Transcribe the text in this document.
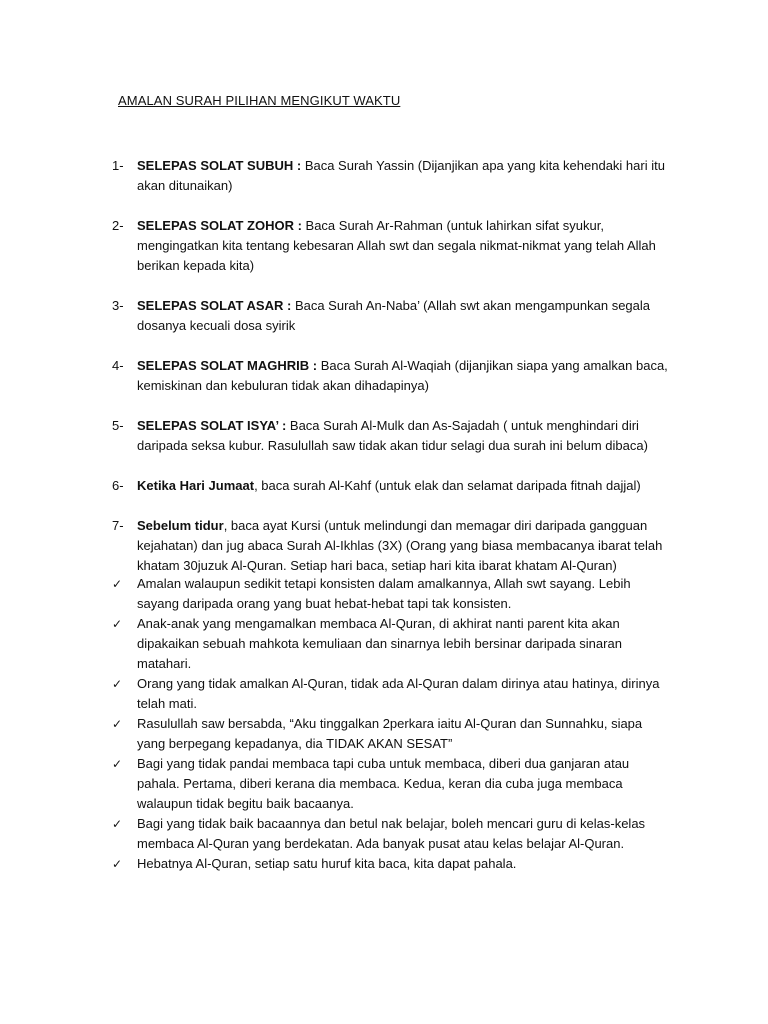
AMALAN SURAH PILIHAN MENGIKUT WAKTU
1- SELEPAS SOLAT SUBUH : Baca Surah Yassin (Dijanjikan apa yang kita kehendaki hari itu akan ditunaikan)
2- SELEPAS SOLAT ZOHOR : Baca Surah Ar-Rahman (untuk lahirkan sifat syukur, mengingatkan kita tentang kebesaran Allah swt dan segala nikmat-nikmat yang telah Allah berikan kepada kita)
3- SELEPAS SOLAT ASAR : Baca Surah An-Naba’ (Allah swt akan mengampunkan segala dosanya kecuali dosa syirik
4- SELEPAS SOLAT MAGHRIB : Baca Surah Al-Waqiah (dijanjikan siapa yang amalkan baca, kemiskinan dan kebuluran tidak akan dihadapinya)
5- SELEPAS SOLAT ISYA’ : Baca Surah Al-Mulk dan As-Sajadah ( untuk menghindari diri daripada seksa kubur. Rasulullah saw tidak akan tidur selagi dua surah ini belum dibaca)
6- Ketika Hari Jumaat, baca surah Al-Kahf (untuk elak dan selamat daripada fitnah dajjal)
7- Sebelum tidur, baca ayat Kursi (untuk melindungi dan memagar diri daripada gangguan kejahatan) dan jug abaca Surah Al-Ikhlas (3X) (Orang yang biasa membacanya ibarat telah khatam 30juzuk Al-Quran. Setiap hari baca, setiap hari kita ibarat khatam Al-Quran)
✓ Amalan walaupun sedikit tetapi konsisten dalam amalkannya, Allah swt sayang. Lebih sayang daripada orang yang buat hebat-hebat tapi tak konsisten.
✓ Anak-anak yang mengamalkan membaca Al-Quran, di akhirat nanti parent kita akan dipakaikan sebuah mahkota kemuliaan dan sinarnya lebih bersinar daripada sinaran matahari.
✓ Orang yang tidak amalkan Al-Quran, tidak ada Al-Quran dalam dirinya atau hatinya, dirinya telah mati.
✓ Rasulullah saw bersabda, “Aku tinggalkan 2perkara iaitu Al-Quran dan Sunnahku, siapa yang berpegang kepadanya, dia TIDAK AKAN SESAT”
✓ Bagi yang tidak pandai membaca tapi cuba untuk membaca, diberi dua ganjaran atau pahala. Pertama, diberi kerana dia membaca. Kedua, keran dia cuba juga membaca walaupun tidak begitu baik bacaanya.
✓ Bagi yang tidak baik bacaannya dan betul nak belajar, boleh mencari guru di kelas-kelas membaca Al-Quran yang berdekatan. Ada banyak pusat atau kelas belajar Al-Quran.
✓ Hebatnya Al-Quran, setiap satu huruf kita baca, kita dapat pahala.
